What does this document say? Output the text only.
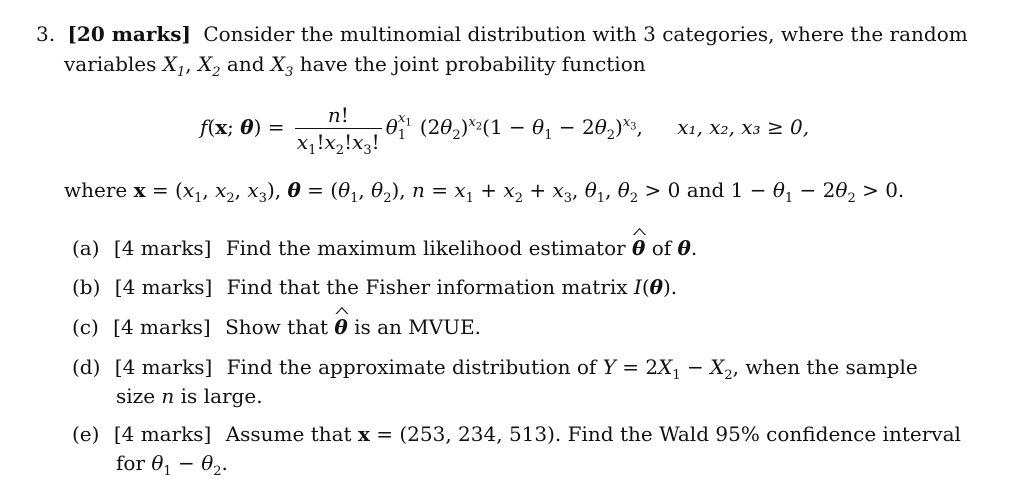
3. [20 marks] Consider the multinomial distribution with 3 categories, where the random
variables $X_1$, $X_2$ and $X_3$ have the joint probability function
f(x; $\theta) = \frac{n!}{x_1!x_2!x_3!} \theta_1^{x_1}$ $(2\theta_2)^{x_2}(1 - \theta_1 - 2\theta_2)^{x_3}$, x₁, x₂, x₃ ≥ 0,
where $x = (x_1$, $x_2$, $x_3$), $\theta = (\theta_1$, $\theta_2$), $n = x_1 + x_2 + x_3$, $\theta_1$, $\theta_2 > 0$ and $1 - \theta_1 - 2\theta_2 > 0$.
(a) [4 marks] Find the maximum likelihood estimator θ of θ.
(b) [4 marks] Find that the Fisher information matrix I(θ).
(c) [4 marks] Show that θ is an MVUE.
(d) [4 marks] Find the approximate distribution of $Y = 2X_1 - X_2$, when the sample
size n is large.
(e) [4 marks] Assume that x = (253, 234, 513). Find the Wald 95% confidence interval
for $\theta_1 - \theta_2$.
